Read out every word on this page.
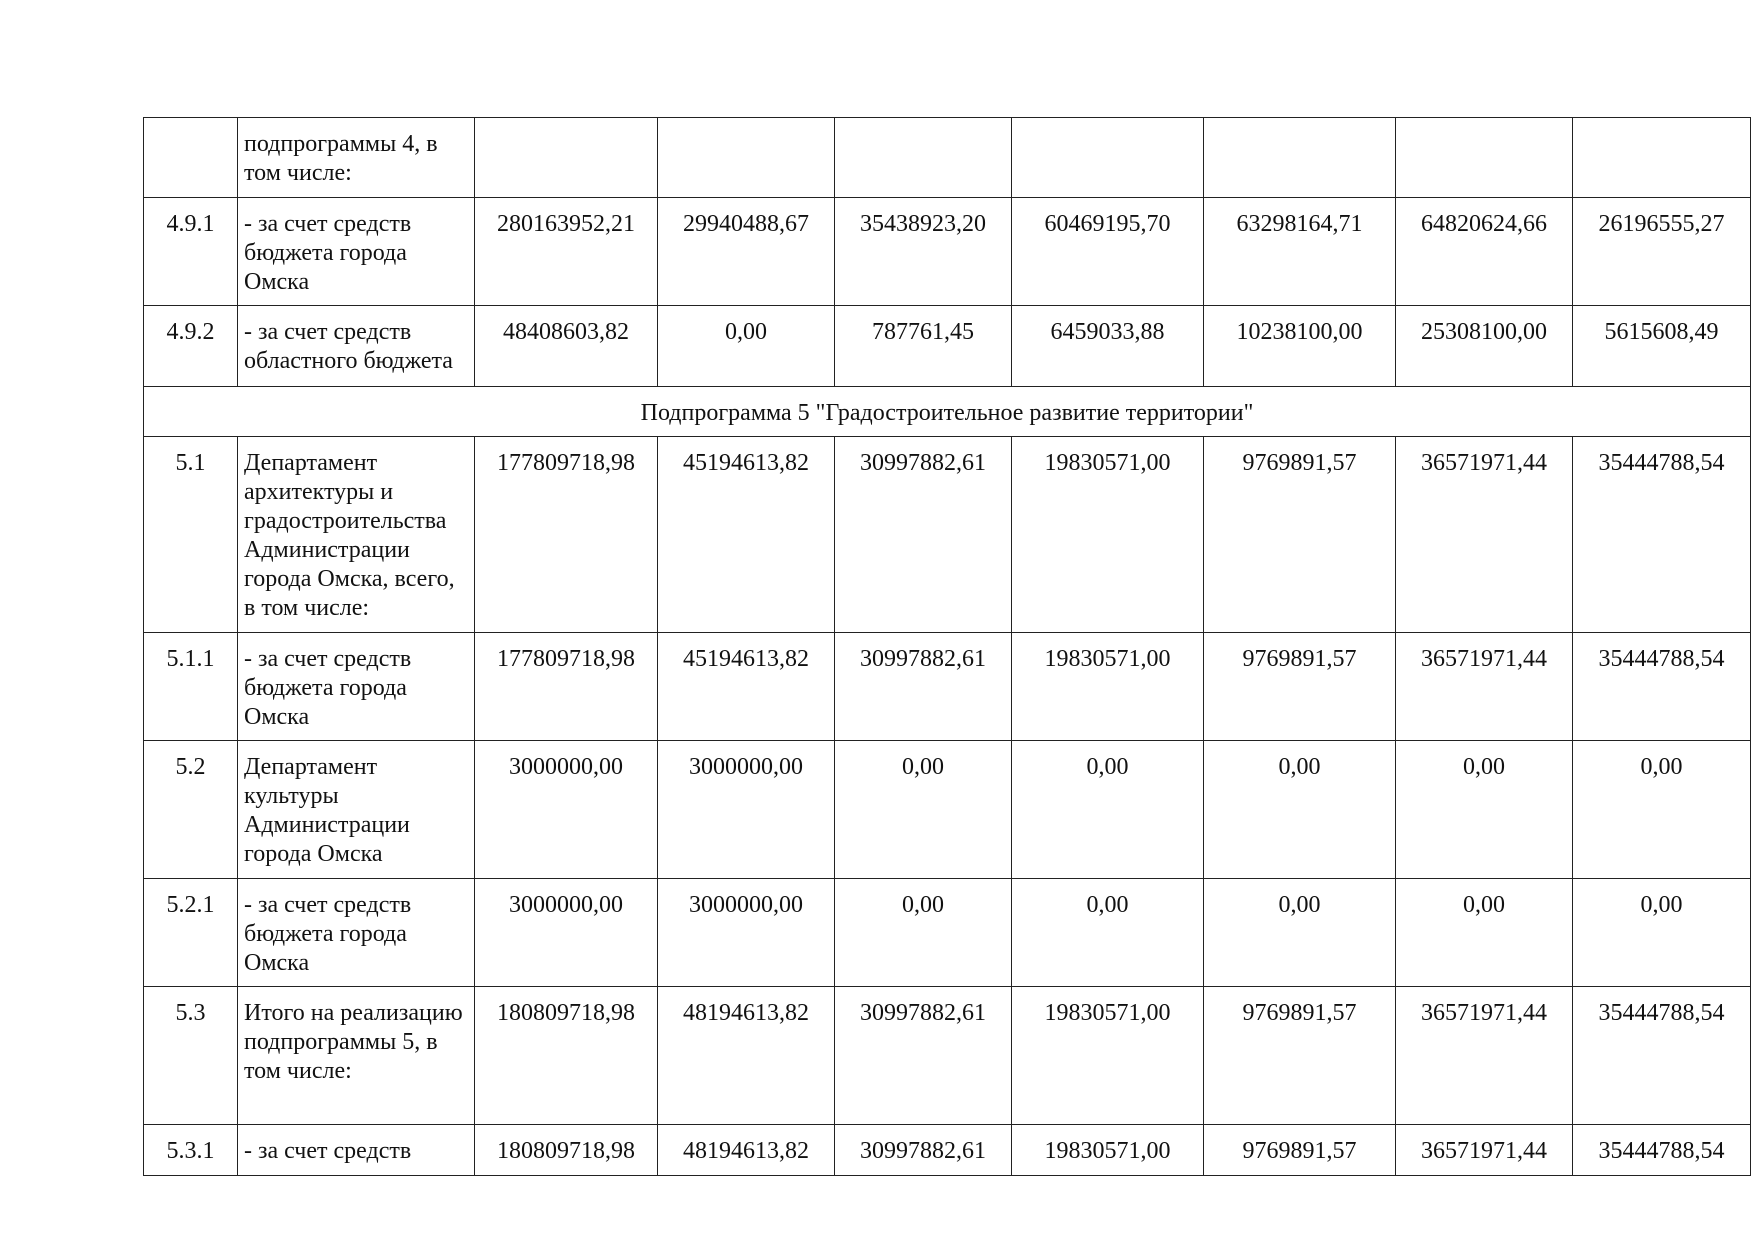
	подпрограммы 4, в том числе:							
4.9.1	- за счет средств бюджета города Омска	280163952,21	29940488,67	35438923,20	60469195,70	63298164,71	64820624,66	26196555,27
4.9.2	- за счет средств областного бюджета	48408603,82	0,00	787761,45	6459033,88	10238100,00	25308100,00	5615608,49
Подпрограмма 5 "Градостроительное развитие территории"								
5.1	Департамент архитектуры и градостроительства Администрации города Омска, всего, в том числе:	177809718,98	45194613,82	30997882,61	19830571,00	9769891,57	36571971,44	35444788,54
5.1.1	- за счет средств бюджета города Омска	177809718,98	45194613,82	30997882,61	19830571,00	9769891,57	36571971,44	35444788,54
5.2	Департамент культуры Администрации города Омска	3000000,00	3000000,00	0,00	0,00	0,00	0,00	0,00
5.2.1	- за счет средств бюджета города Омска	3000000,00	3000000,00	0,00	0,00	0,00	0,00	0,00
5.3	Итого на реализацию подпрограммы 5, в том числе:	180809718,98	48194613,82	30997882,61	19830571,00	9769891,57	36571971,44	35444788,54
5.3.1	- за счет средств	180809718,98	48194613,82	30997882,61	19830571,00	9769891,57	36571971,44	35444788,54
